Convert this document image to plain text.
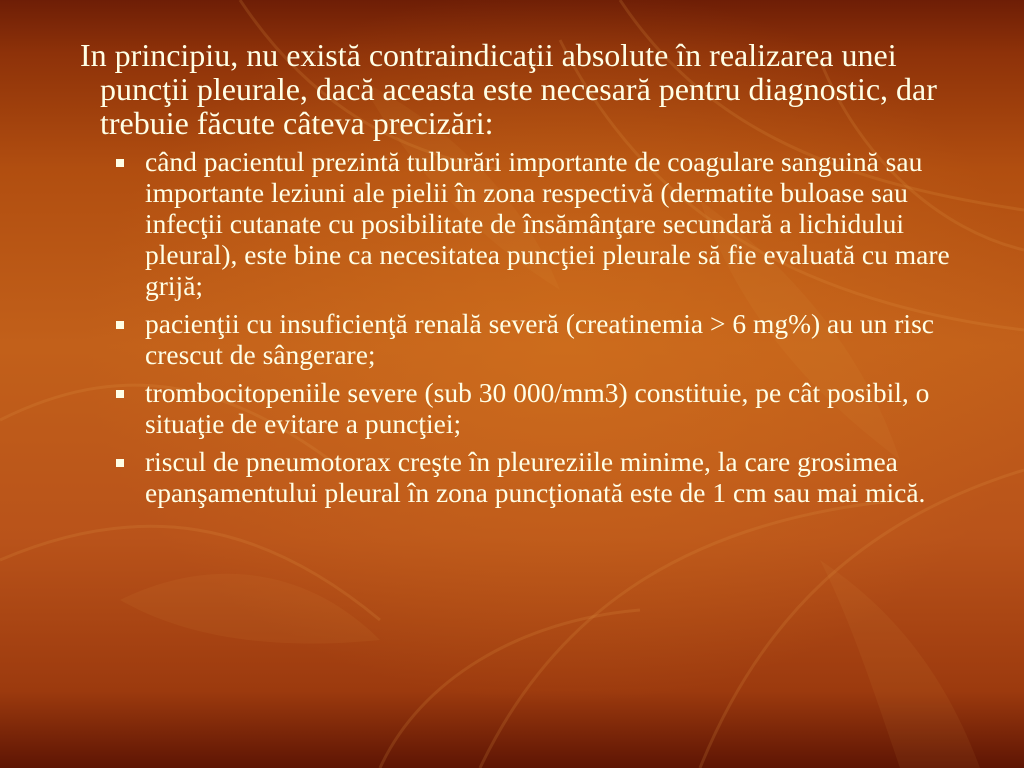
In principiu, nu există contraindicaţii absolute în realizarea unei puncţii pleurale, dacă aceasta este necesară pentru diagnostic, dar trebuie făcute câteva precizări:

când pacientul prezintă tulburări importante de coagulare sanguină sau importante leziuni ale pielii în zona respectivă (dermatite buloase sau infecţii cutanate cu posibilitate de însămânţare secundară a lichidului pleural), este bine ca necesitatea puncţiei pleurale să fie evaluată cu mare grijă;
pacienţii cu insuficienţă renală severă (creatinemia > 6 mg%) au un risc crescut de sângerare;
trombocitopeniile severe (sub 30 000/mm3) constituie, pe cât posibil, o situaţie de evitare a puncţiei;
riscul de pneumotorax creşte în pleureziile minime, la care grosimea epanşamentului pleural în zona puncţionată este de 1 cm sau mai mică.
